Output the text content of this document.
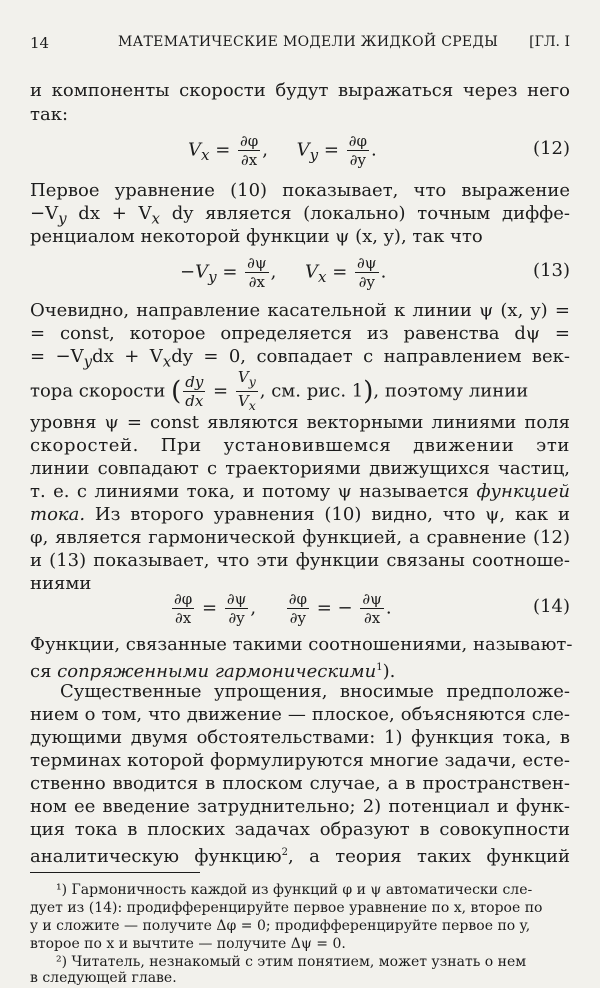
14	МАТЕМАТИЧЕСКИЕ МОДЕЛИ ЖИДКОЙ СРЕДЫ [ГЛ. I
и компоненты скорости будут выражаться через него
так:
$V_x = \frac{\partial\varphi}{\partial x}$ , $V_y = \frac{\partial\varphi}{\partial y}$ .	(12)
Первое уравнение (10) показывает, что выражение
$-V_y$ dx + $V_x$ dy является (локально) точным диффе-
ренциалом некоторой функции ψ (x, y), так что
$-V_y = \frac{\partial\psi}{\partial x}$ , $V_x = \frac{\partial\psi}{\partial y}$ .	(13)
Очевидно, направление касательной к линии ψ (x, y) =
= const, которое определяется из равенства dψ =
= $-V_ydx + V_xdy = 0$, совпадает с направлением век-
тора скорости ( $\frac{dy}{dx} = \frac{V_y}{V_x}$ , см. рис. 1), поэтому линии
уровня ψ = const являются векторными линиями поля
скоростей. При установившемся движении эти
линии совпадают с траекториями движущихся частиц,
т. е. с линиями тока, и потому ψ называется функцией
тока. Из второго уравнения (10) видно, что ψ, как и
φ, является гармонической функцией, а сравнение (12)
и (13) показывает, что эти функции связаны соотноше-
ниями
$\frac{\partial\varphi}{\partial x} = \frac{\partial\psi}{\partial y}$ , $\frac{\partial\varphi}{\partial y}$ = − $\frac{\partial\psi}{\partial x}$ .	(14)
Функции, связанные такими соотношениями, называют-
ся сопряженными гармоническими$^1$).
Существенные упрощения, вносимые предположе-
нием о том, что движение — плоское, объясняются сле-
дующими двумя обстоятельствами: 1) функция тока, в
терминах которой формулируются многие задачи, есте-
ственно вводится в плоском случае, а в пространствен-
ном ее введение затруднительно; 2) потенциал и функ-
ция тока в плоских задачах образуют в совокупности
аналитическую функцию$^2$, а теория таких функций
¹) Гармоничность каждой из функций φ и ψ автоматически сле-
дует из (14): продифференцируйте первое уравнение по x, второе по
y и сложите — получите Δφ = 0; продифференцируйте первое по y,
второе по x и вычтите — получите Δψ = 0.
²) Читатель, незнакомый с этим понятием, может узнать о нем
в следующей главе.
